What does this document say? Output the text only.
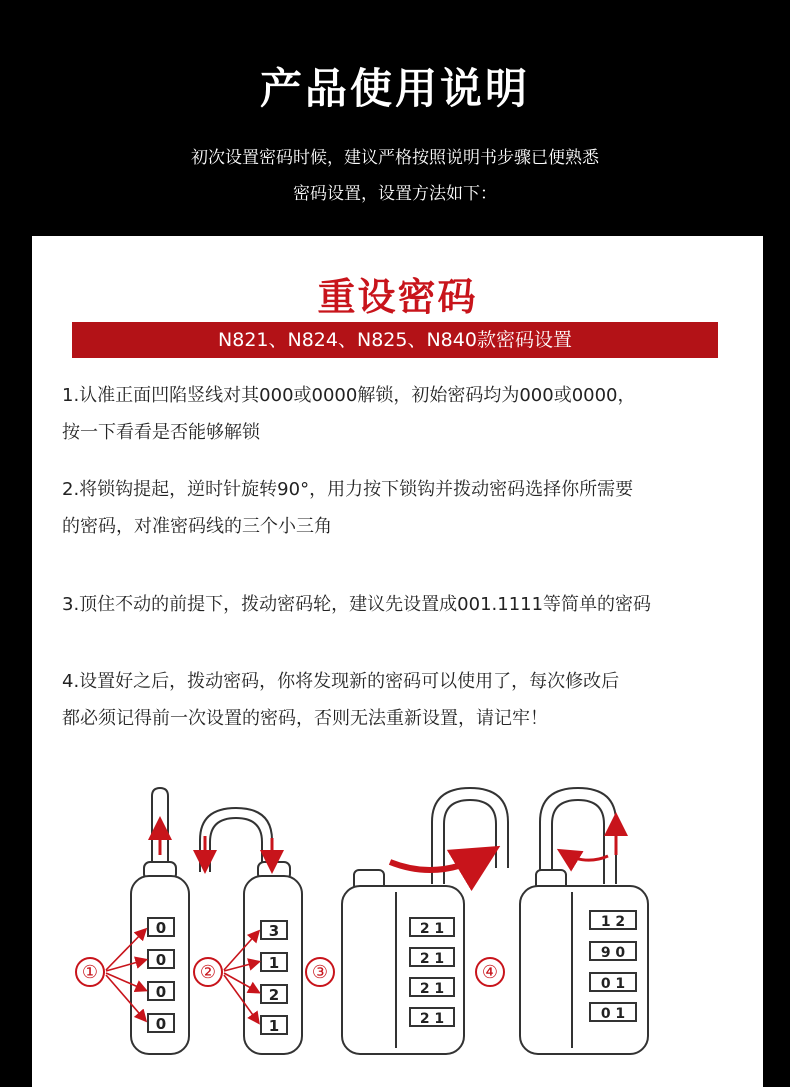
产品使用说明
初次设置密码时候，建议严格按照说明书步骤已便熟悉
密码设置，设置方法如下：
重设密码
N821、N824、N825、N840款密码设置
1.认准正面凹陷竖线对其000或0000解锁，初始密码均为000或0000，
按一下看看是否能够解锁
2.将锁钩提起，逆时针旋转90°，用力按下锁钩并拨动密码选择你所需要
的密码，对准密码线的三个小三角
3.顶住不动的前提下，拨动密码轮，建议先设置成001.1111等简单的密码
4.设置好之后，拨动密码，你将发现新的密码可以使用了，每次修改后
都必须记得前一次设置的密码，否则无法重新设置，请记牢！
0
0
0
0
①
3
1
2
1
②	③
2 1
2 1
2 1
2 1
④
1 2
9 0
0 1
0 1
